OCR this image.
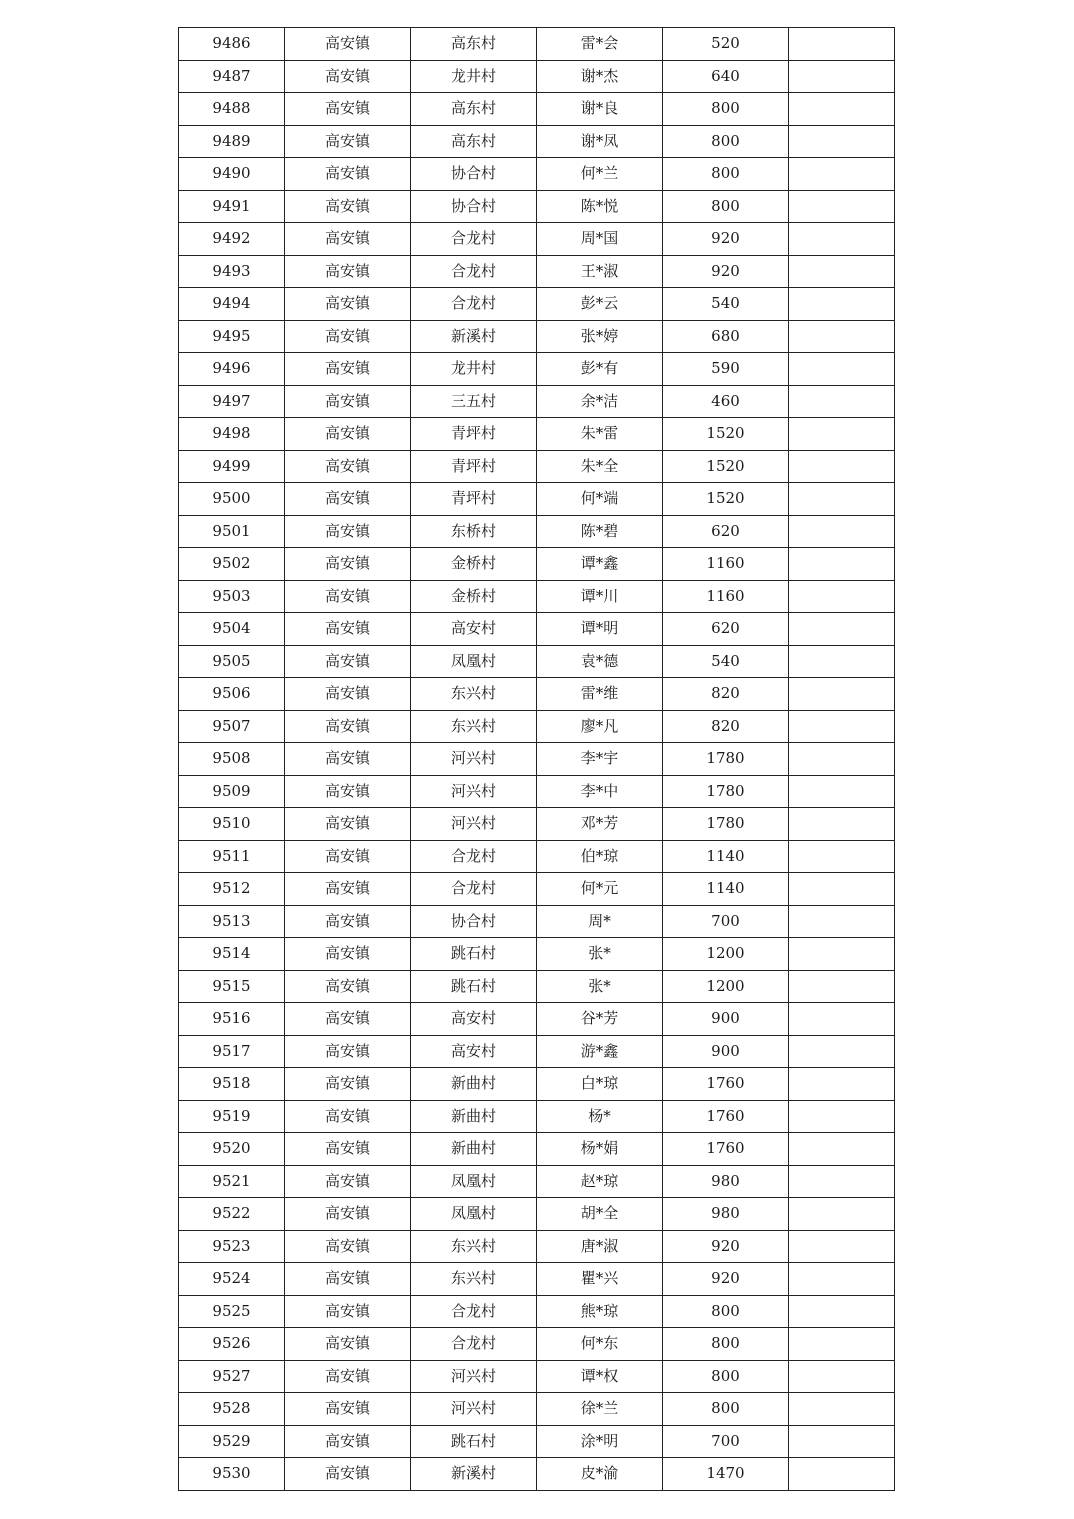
9486	高安镇	高东村	雷*会	520	
9487	高安镇	龙井村	谢*杰	640	
9488	高安镇	高东村	谢*良	800	
9489	高安镇	高东村	谢*凤	800	
9490	高安镇	协合村	何*兰	800	
9491	高安镇	协合村	陈*悦	800	
9492	高安镇	合龙村	周*国	920	
9493	高安镇	合龙村	王*淑	920	
9494	高安镇	合龙村	彭*云	540	
9495	高安镇	新溪村	张*婷	680	
9496	高安镇	龙井村	彭*有	590	
9497	高安镇	三五村	余*洁	460	
9498	高安镇	青坪村	朱*雷	1520	
9499	高安镇	青坪村	朱*全	1520	
9500	高安镇	青坪村	何*端	1520	
9501	高安镇	东桥村	陈*碧	620	
9502	高安镇	金桥村	谭*鑫	1160	
9503	高安镇	金桥村	谭*川	1160	
9504	高安镇	高安村	谭*明	620	
9505	高安镇	凤凰村	袁*德	540	
9506	高安镇	东兴村	雷*维	820	
9507	高安镇	东兴村	廖*凡	820	
9508	高安镇	河兴村	李*宇	1780	
9509	高安镇	河兴村	李*中	1780	
9510	高安镇	河兴村	邓*芳	1780	
9511	高安镇	合龙村	伯*琼	1140	
9512	高安镇	合龙村	何*元	1140	
9513	高安镇	协合村	周*	700	
9514	高安镇	跳石村	张*	1200	
9515	高安镇	跳石村	张*	1200	
9516	高安镇	高安村	谷*芳	900	
9517	高安镇	高安村	游*鑫	900	
9518	高安镇	新曲村	白*琼	1760	
9519	高安镇	新曲村	杨*	1760	
9520	高安镇	新曲村	杨*娟	1760	
9521	高安镇	凤凰村	赵*琼	980	
9522	高安镇	凤凰村	胡*全	980	
9523	高安镇	东兴村	唐*淑	920	
9524	高安镇	东兴村	瞿*兴	920	
9525	高安镇	合龙村	熊*琼	800	
9526	高安镇	合龙村	何*东	800	
9527	高安镇	河兴村	谭*权	800	
9528	高安镇	河兴村	徐*兰	800	
9529	高安镇	跳石村	涂*明	700	
9530	高安镇	新溪村	皮*渝	1470	
